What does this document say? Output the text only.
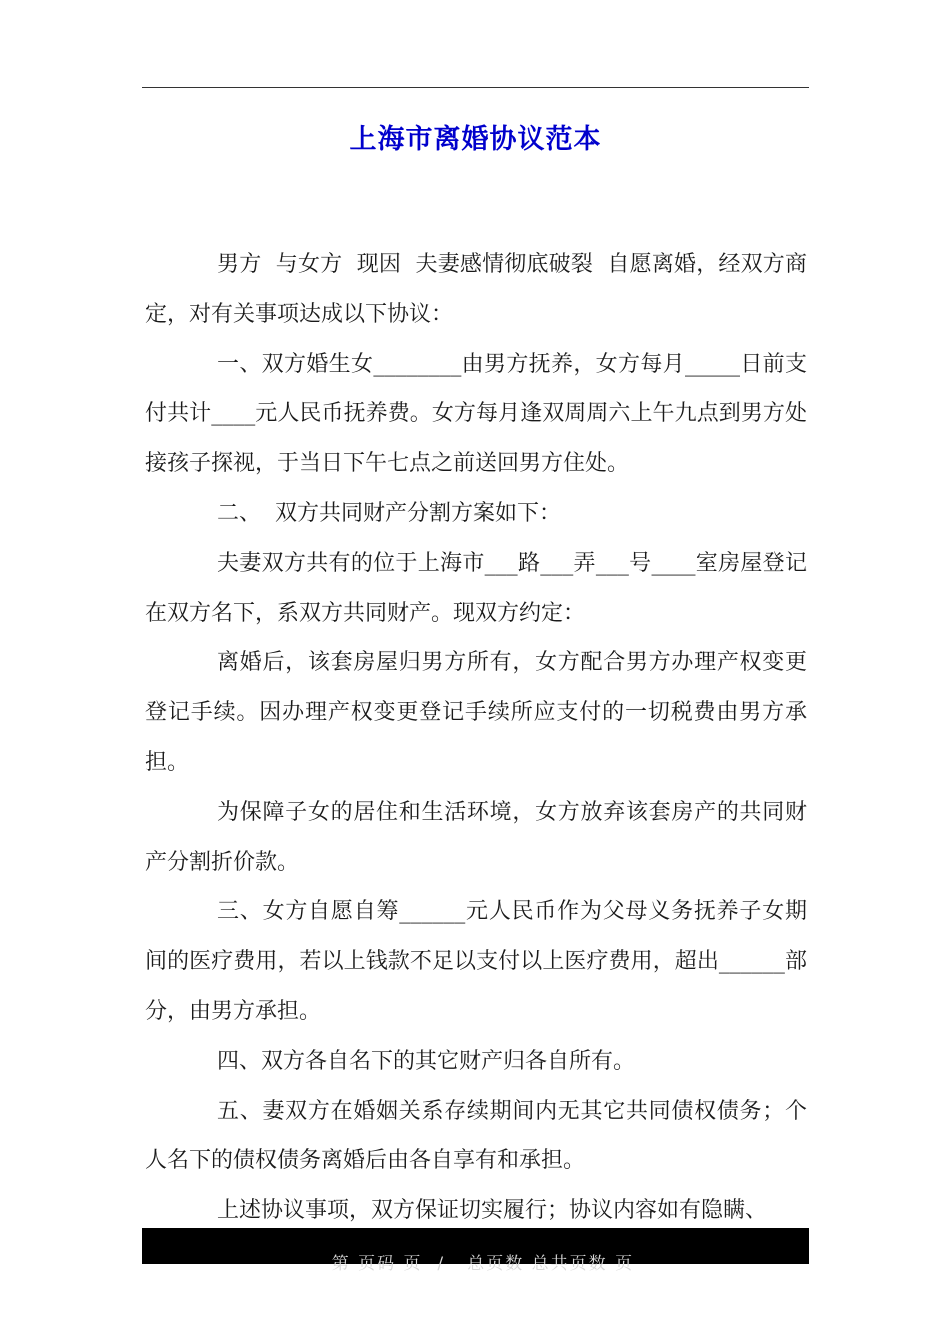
上海市离婚协议范本

男方  与女方  现因  夫妻感情彻底破裂  自愿离婚，经双方商定，对有关事项达成以下协议：

一、双方婚生女________由男方抚养，女方每月_____日前支付共计____元人民币抚养费。女方每月逢双周周六上午九点到男方处接孩子探视，于当日下午七点之前送回男方住处。

二、  双方共同财产分割方案如下：

夫妻双方共有的位于上海市___路___弄___号____室房屋登记在双方名下，系双方共同财产。现双方约定：

离婚后，该套房屋归男方所有，女方配合男方办理产权变更登记手续。因办理产权变更登记手续所应支付的一切税费由男方承担。

为保障子女的居住和生活环境，女方放弃该套房产的共同财产分割折价款。

三、女方自愿自筹______元人民币作为父母义务抚养子女期间的医疗费用，若以上钱款不足以支付以上医疗费用，超出______部分，由男方承担。

四、双方各自名下的其它财产归各自所有。

五、妻双方在婚姻关系存续期间内无其它共同债权债务；个人名下的债权债务离婚后由各自享有和承担。

上述协议事项，双方保证切实履行；协议内容如有隐瞒、

第 页码 页  /   总页数 总共页数 页
